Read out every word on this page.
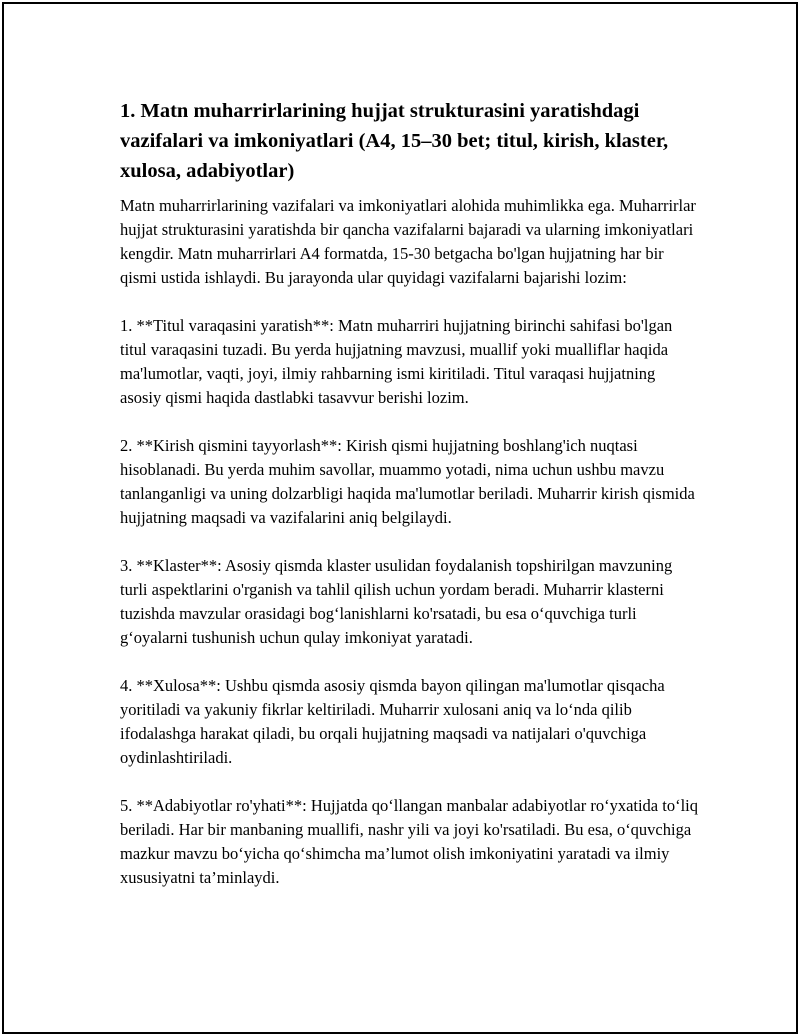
1. Matn muharrirlarining hujjat strukturasini yaratishdagi vazifalari va imkoniyatlari (A4, 15–30 bet; titul, kirish, klaster, xulosa, adabiyotlar)

Matn muharrirlarining vazifalari va imkoniyatlari alohida muhimlikka ega. Muharrirlar hujjat strukturasini yaratishda bir qancha vazifalarni bajaradi va ularning imkoniyatlari kengdir. Matn muharrirlari A4 formatda, 15-30 betgacha bo'lgan hujjatning har bir qismi ustida ishlaydi. Bu jarayonda ular quyidagi vazifalarni bajarishi lozim:

1. **Titul varaqasini yaratish**: Matn muharriri hujjatning birinchi sahifasi bo'lgan titul varaqasini tuzadi. Bu yerda hujjatning mavzusi, muallif yoki mualliflar haqida ma'lumotlar, vaqti, joyi, ilmiy rahbarning ismi kiritiladi. Titul varaqasi hujjatning asosiy qismi haqida dastlabki tasavvur berishi lozim.

2. **Kirish qismini tayyorlash**: Kirish qismi hujjatning boshlang'ich nuqtasi hisoblanadi. Bu yerda muhim savollar, muammo yotadi, nima uchun ushbu mavzu tanlanganligi va uning dolzarbligi haqida ma'lumotlar beriladi. Muharrir kirish qismida hujjatning maqsadi va vazifalarini aniq belgilaydi.

3. **Klaster**: Asosiy qismda klaster usulidan foydalanish topshirilgan mavzuning turli aspektlarini o'rganish va tahlil qilish uchun yordam beradi. Muharrir klasterni tuzishda mavzular orasidagi bog‘lanishlarni ko'rsatadi, bu esa o‘quvchiga turli g‘oyalarni tushunish uchun qulay imkoniyat yaratadi.

4. **Xulosa**: Ushbu qismda asosiy qismda bayon qilingan ma'lumotlar qisqacha yoritiladi va yakuniy fikrlar keltiriladi. Muharrir xulosani aniq va lo‘nda qilib ifodalashga harakat qiladi, bu orqali hujjatning maqsadi va natijalari o'quvchiga oydinlashtiriladi.

5. **Adabiyotlar ro'yhati**: Hujjatda qo‘llangan manbalar adabiyotlar ro‘yxatida to‘liq beriladi. Har bir manbaning muallifi, nashr yili va joyi ko'rsatiladi. Bu esa, o‘quvchiga mazkur mavzu bo‘yicha qo‘shimcha ma’lumot olish imkoniyatini yaratadi va ilmiy xususiyatni ta’minlaydi.
